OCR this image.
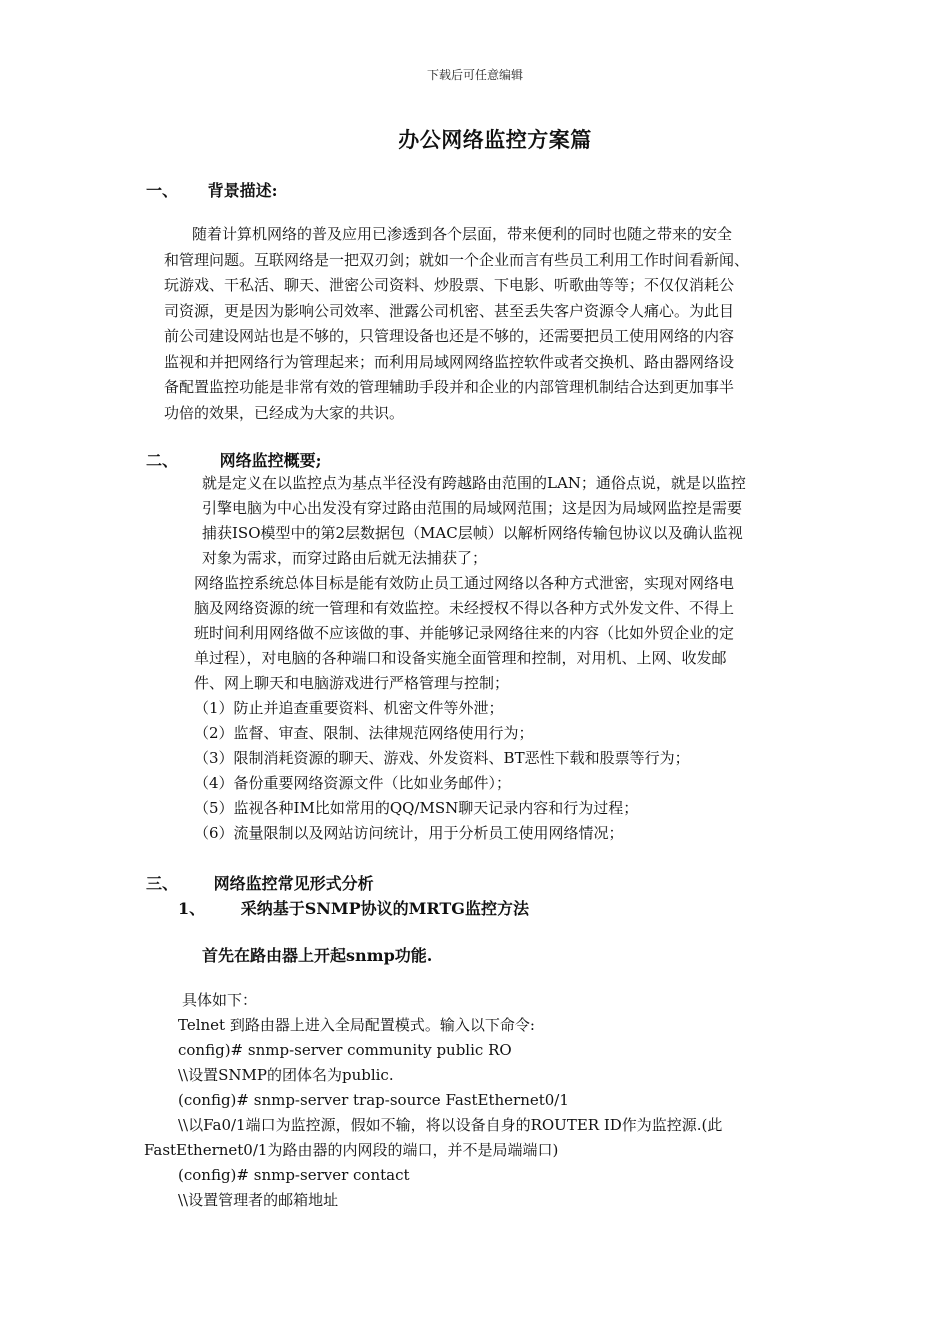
下载后可任意编辑
办公网络监控方案篇
一、 背景描述:
随着计算机网络的普及应用已渗透到各个层面，带来便利的同时也随之带来的安全
和管理问题。互联网络是一把双刃剑；就如一个企业而言有些员工利用工作时间看新闻、
玩游戏、干私活、聊天、泄密公司资料、炒股票、下电影、听歌曲等等；不仅仅消耗公
司资源，更是因为影响公司效率、泄露公司机密、甚至丢失客户资源令人痛心。为此目
前公司建设网站也是不够的，只管理设备也还是不够的，还需要把员工使用网络的内容
监视和并把网络行为管理起来；而利用局域网网络监控软件或者交换机、路由器网络设
备配置监控功能是非常有效的管理辅助手段并和企业的内部管理机制结合达到更加事半
功倍的效果，已经成为大家的共识。
二、	网络监控概要;
就是定义在以监控点为基点半径没有跨越路由范围的LAN；通俗点说，就是以监控
引擎电脑为中心出发没有穿过路由范围的局域网范围；这是因为局域网监控是需要
捕获ISO模型中的第2层数据包（MAC层帧）以解析网络传输包协议以及确认监视
对象为需求，而穿过路由后就无法捕获了；
网络监控系统总体目标是能有效防止员工通过网络以各种方式泄密，实现对网络电
脑及网络资源的统一管理和有效监控。未经授权不得以各种方式外发文件、不得上
班时间利用网络做不应该做的事、并能够记录网络往来的内容（比如外贸企业的定
单过程），对电脑的各种端口和设备实施全面管理和控制，对用机、上网、收发邮
件、网上聊天和电脑游戏进行严格管理与控制；
（1）防止并追查重要资料、机密文件等外泄；
（2）监督、审查、限制、法律规范网络使用行为；
（3）限制消耗资源的聊天、游戏、外发资料、BT恶性下载和股票等行为；
（4）备份重要网络资源文件（比如业务邮件）；
（5）监视各种IM比如常用的QQ/MSN聊天记录内容和行为过程；
（6）流量限制以及网站访问统计，用于分析员工使用网络情况；
三、 网络监控常见形式分析
1、 采纳基于SNMP协议的MRTG监控方法
首先在路由器上开起snmp功能.
具体如下：
Telnet 到路由器上进入全局配置模式。输入以下命令:
config)# snmp-server community public RO
\\设置SNMP的团体名为public.
(config)# snmp-server trap-source FastEthernet0/1
\\以Fa0/1端口为监控源，假如不输，将以设备自身的ROUTER ID作为监控源.(此
FastEthernet0/1为路由器的内网段的端口，并不是局端端口)
(config)# snmp-server contact
\\设置管理者的邮箱地址
